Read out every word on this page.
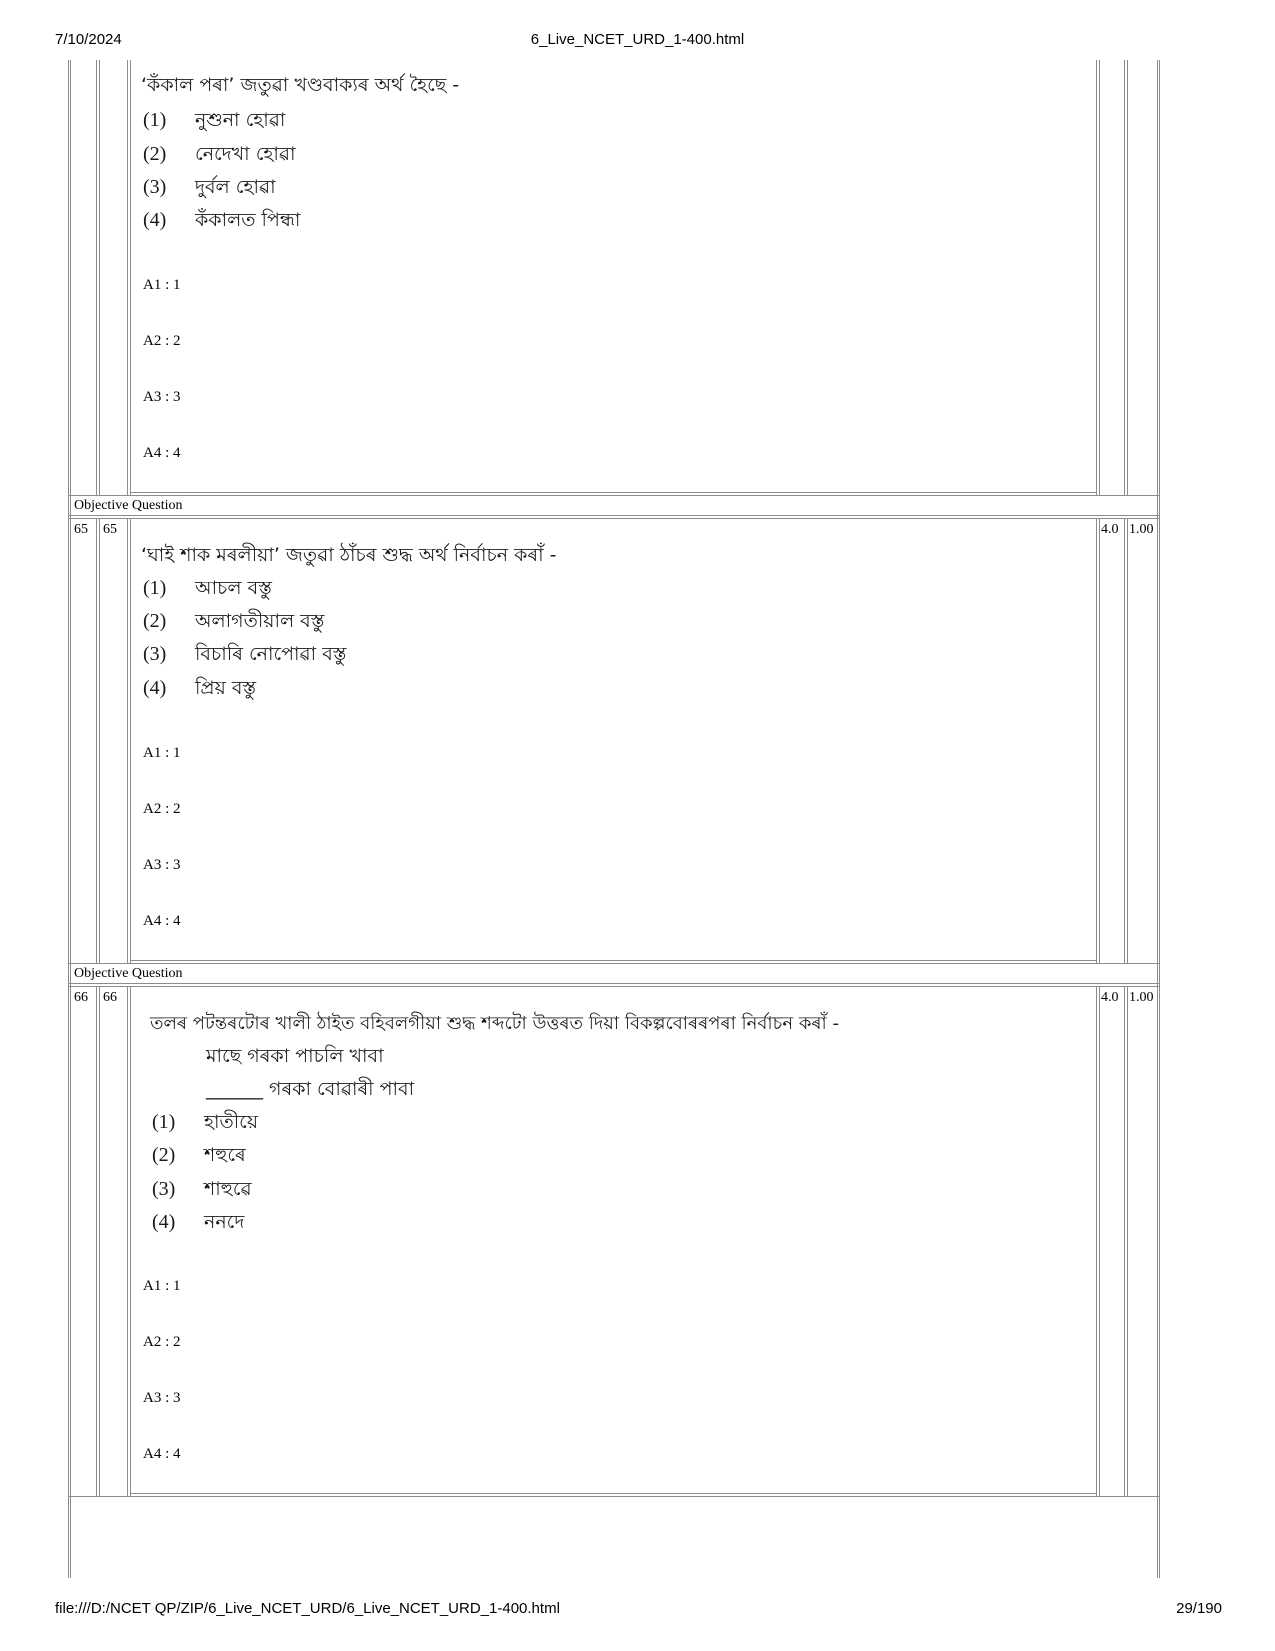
7/10/2024	6_Live_NCET_URD_1-400.html
file:///D:/NCET QP/ZIP/6_Live_NCET_URD/6_Live_NCET_URD_1-400.html	29/190
‘কঁকাল পৰা’ জতুৱা খণ্ডবাক্যৰ অৰ্থ হৈছে -
(1) নুশুনা হোৱা
(2) নেদেখা হোৱা
(3) দুৰ্বল হোৱা
(4) কঁকালত পিন্ধা
A1 : 1
A2 : 2
A3 : 3
A4 : 4
Objective Question
65 65	4.0 1.00
‘ঘাই শাক মৰলীয়া’ জতুৱা ঠাঁচৰ শুদ্ধ অৰ্থ নিৰ্বাচন কৰাঁ -
(1) আচল বস্তু
(2) অলাগতীয়াল বস্তু
(3) বিচাৰি নোপোৱা বস্তু
(4) প্ৰিয় বস্তু
A1 : 1
A2 : 2
A3 : 3
A4 : 4
Objective Question
66 66	4.0 1.00
তলৰ পটন্তৰটোৰ খালী ঠাইত বহিবলগীয়া শুদ্ধ শব্দটো উত্তৰত দিয়া বিকল্পবোৰৰপৰা নিৰ্বাচন কৰাঁ -
মাছে গৰকা পাচলি খাবা
______ গৰকা বোৱাৰী পাবা
(1) হাতীয়ে
(2) শহুৰে
(3) শাহুৱে
(4) ননদে
A1 : 1
A2 : 2
A3 : 3
A4 : 4
